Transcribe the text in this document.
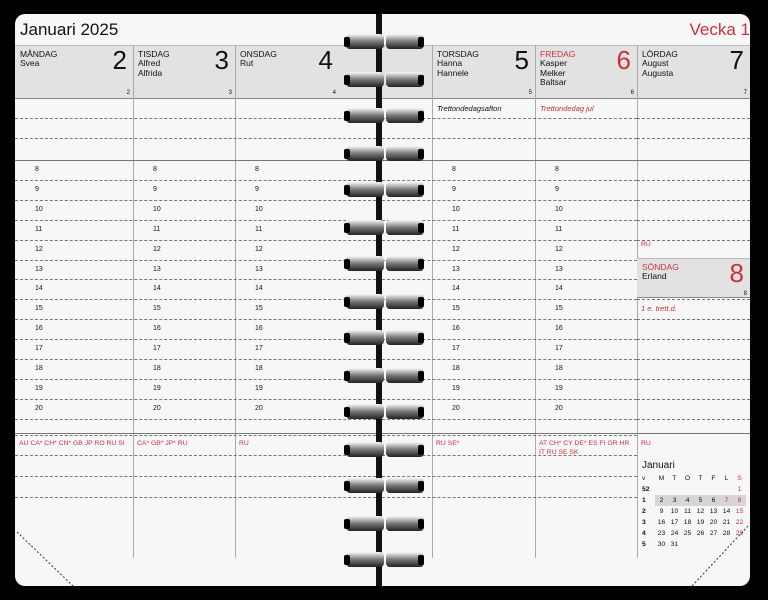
Januari 2025	Vecka 1
MÅNDAG
Svea	2
2
AU CA* CH* CN* GB JP RO RU SI
TISDAG
Alfred
Alfrida 3
3
CA* GB* JP* RU
ONSDAG
Rut	4
4
RU
TORSDAG
Hanna
Hannele 5
5
Trettondedagsafton
RU SE*
FREDAG
Kasper
Melker
Baltsar
6
6
Trettondedag jul
AT CH* CY DE* ES FI GR HR IT RU SE SK
LÖRDAG
August
Augusta 7
7
RU
8	8	8	8	8
9	9	9	9	9
10	10	10	10	10
11	11	11	11	11
12	12	12	12	12
13	13	13	13	13
14	14	14	14	14
15	15	15	15	15
16	16	16	16	16
17	17	17	17	17
18	18	18	18	18
19	19	19	19	19
20	20	20	20	20
RU
SÖNDAG
Erland 8
8
1 e. trett.d.
Januari
v	M	T	O	T	F	L	S
52							1
1	2	3	4	5	6	7	8
2	9	10	11	12	13	14	15
3	16	17	18	19	20	21	22
4	23	24	25	26	27	28	29
5	30	31					
